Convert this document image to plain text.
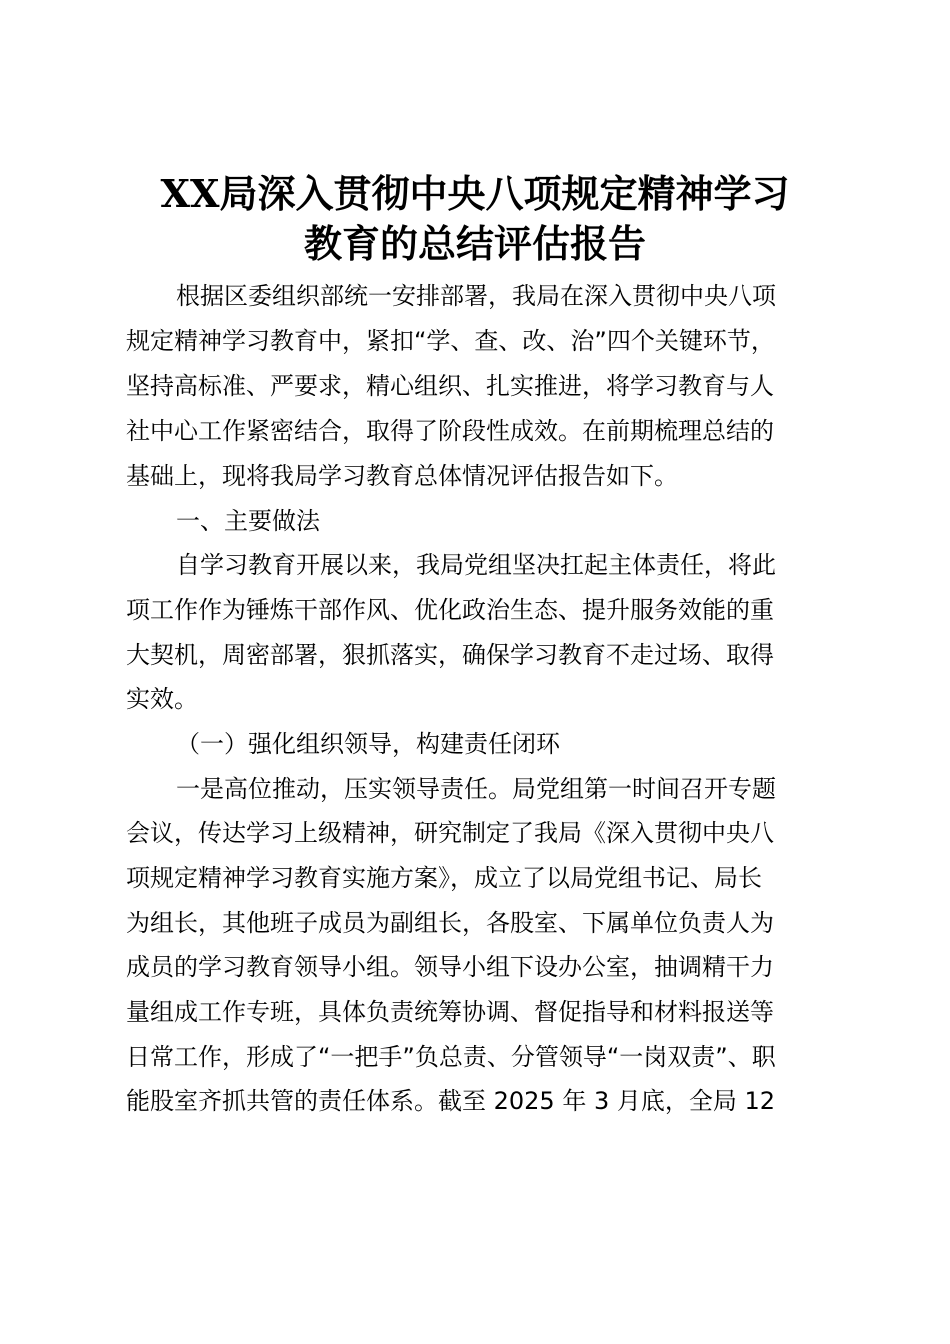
XX局深入贯彻中央八项规定精神学习
教育的总结评估报告

根据区委组织部统一安排部署，我局在深入贯彻中央八项

规定精神学习教育中，紧扣“学、查、改、治”四个关键环节，

坚持高标准、严要求，精心组织、扎实推进，将学习教育与人

社中心工作紧密结合，取得了阶段性成效。在前期梳理总结的

基础上，现将我局学习教育总体情况评估报告如下。

一、主要做法

自学习教育开展以来，我局党组坚决扛起主体责任，将此

项工作作为锤炼干部作风、优化政治生态、提升服务效能的重

大契机，周密部署，狠抓落实，确保学习教育不走过场、取得

实效。

（一）强化组织领导，构建责任闭环

一是高位推动，压实领导责任。局党组第一时间召开专题

会议，传达学习上级精神，研究制定了我局《深入贯彻中央八

项规定精神学习教育实施方案》，成立了以局党组书记、局长

为组长，其他班子成员为副组长，各股室、下属单位负责人为

成员的学习教育领导小组。领导小组下设办公室，抽调精干力

量组成工作专班，具体负责统筹协调、督促指导和材料报送等

日常工作，形成了“一把手”负总责、分管领导“一岗双责”、职

能股室齐抓共管的责任体系。截至 2025 年 3 月底，全局 12
